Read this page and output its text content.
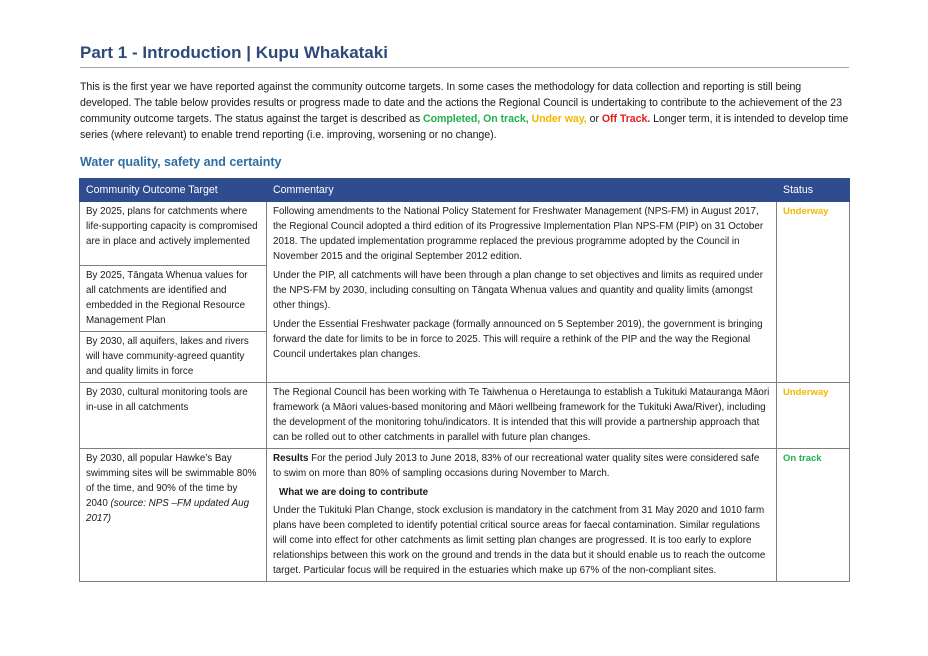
Part 1 - Introduction | Kupu Whakataki

This is the first year we have reported against the community outcome targets. In some cases the methodology for data collection and reporting is still being developed. The table below provides results or progress made to date and the actions the Regional Council is undertaking to contribute to the achievement of the 23 community outcome targets. The status against the target is described as Completed, On track, Under way, or Off Track. Longer term, it is intended to develop time series (where relevant) to enable trend reporting (i.e. improving, worsening or no change).

Water quality, safety and certainty
Community Outcome Target	Commentary	Status

By 2025, plans for catchments where life-supporting capacity is compromised are in place and actively implemented	Following amendments to the National Policy Statement for Freshwater Management (NPS-FM) in August 2017, the Regional Council adopted a third edition of its Progressive Implementation Plan NPS-FM (PIP) on 31 October 2018. The updated implementation programme replaced the previous programme adopted by the Council in November 2015 and the original September 2012 edition.

Under the PIP, all catchments will have been through a plan change to set objectives and limits as required under the NPS-FM by 2030, including consulting on Tāngata Whenua values and quantity and quality limits (amongst other things).

Under the Essential Freshwater package (formally announced on 5 September 2019), the government is bringing forward the date for limits to be in force to 2025. This will require a rethink of the PIP and the way the Regional Council undertakes plan changes.	Underway

By 2025, Tāngata Whenua values for all catchments are identified and embedded in the Regional Resource Management Plan		

By 2030, all aquifers, lakes and rivers will have community-agreed quantity and quality limits in force		

By 2030, cultural monitoring tools are in-use in all catchments	The Regional Council has been working with Te Taiwhenua o Heretaunga to establish a Tukituki Matauranga Māori framework (a Māori values-based monitoring and Māori wellbeing framework for the Tukituki Awa/River), including the development of the monitoring tohu/indicators. It is intended that this will provide a partnership approach that can be rolled out to other catchments in parallel with future plan changes.	Underway
By 2030, all popular Hawke’s Bay swimming sites will be swimmable 80% of the time, and 90% of the time by 2040 (source: NPS –FM updated Aug 2017)	Results For the period July 2013 to June 2018, 83% of our recreational water quality sites were considered safe to swim on more than 80% of sampling occasions during November to March.

What we are doing to contribute

Under the Tukituki Plan Change, stock exclusion is mandatory in the catchment from 31 May 2020 and 1010 farm plans have been completed to identify potential critical source areas for faecal contamination. Similar regulations will come into effect for other catchments as limit setting plan changes are progressed. It is too early to explore relationships between this work on the ground and trends in the data but it should enable us to reach the outcome target. Particular focus will be required in the estuaries which make up 67% of the non-compliant sites.	On track
